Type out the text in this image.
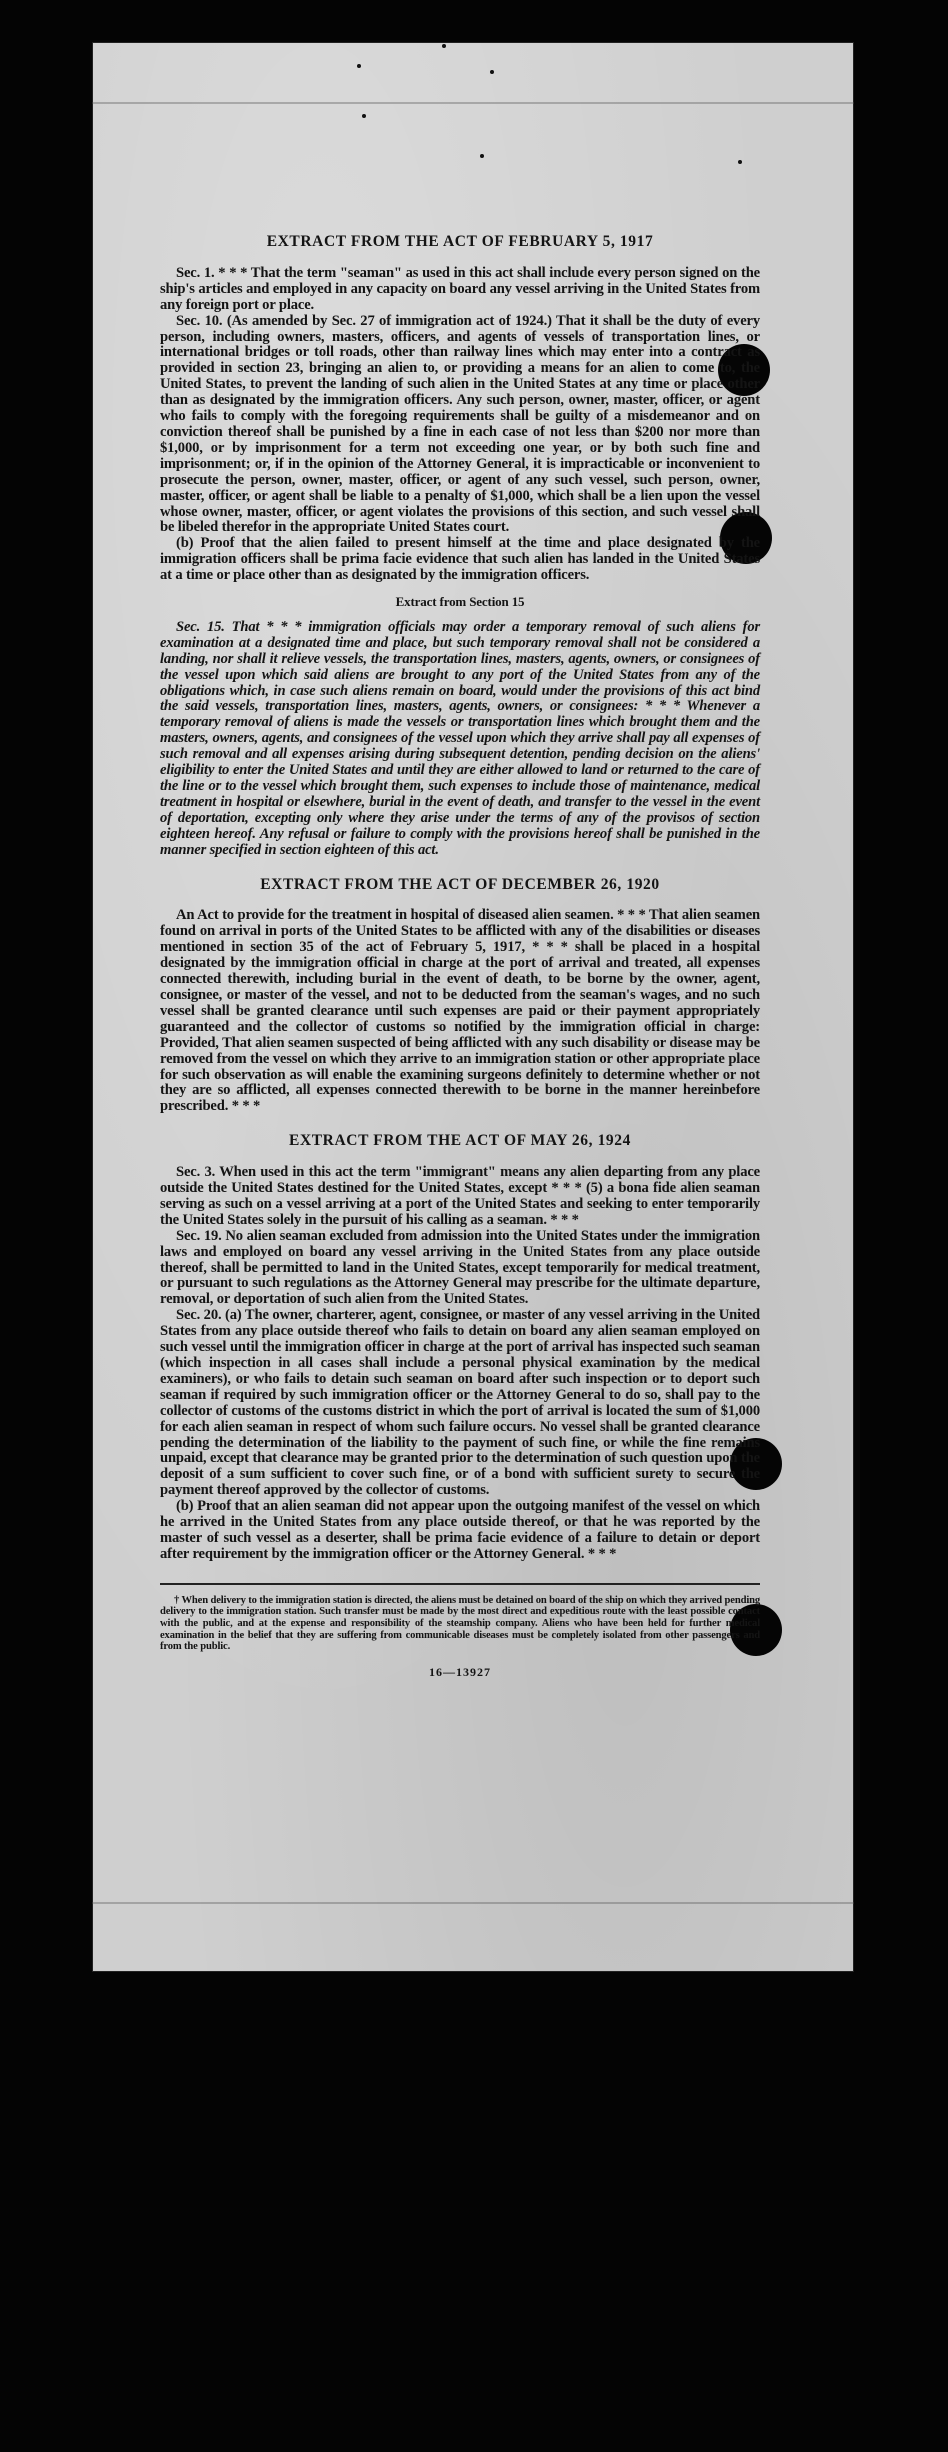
EXTRACT FROM THE ACT OF FEBRUARY 5, 1917

Sec. 1. * * * That the term "seaman" as used in this act shall include every person signed on the ship's articles and employed in any capacity on board any vessel arriving in the United States from any foreign port or place.

Sec. 10. (As amended by Sec. 27 of immigration act of 1924.) That it shall be the duty of every person, including owners, masters, officers, and agents of vessels of transportation lines, or international bridges or toll roads, other than railway lines which may enter into a contract as provided in section 23, bringing an alien to, or providing a means for an alien to come to, the United States, to prevent the landing of such alien in the United States at any time or place other than as designated by the immigration officers. Any such person, owner, master, officer, or agent who fails to comply with the foregoing requirements shall be guilty of a misdemeanor and on conviction thereof shall be punished by a fine in each case of not less than $200 nor more than $1,000, or by imprisonment for a term not exceeding one year, or by both such fine and imprisonment; or, if in the opinion of the Attorney General, it is impracticable or inconvenient to prosecute the person, owner, master, officer, or agent of any such vessel, such person, owner, master, officer, or agent shall be liable to a penalty of $1,000, which shall be a lien upon the vessel whose owner, master, officer, or agent violates the provisions of this section, and such vessel shall be libeled therefor in the appropriate United States court.

(b) Proof that the alien failed to present himself at the time and place designated by the immigration officers shall be prima facie evidence that such alien has landed in the United States at a time or place other than as designated by the immigration officers.

Extract from Section 15

Sec. 15. That * * * immigration officials may order a temporary removal of such aliens for examination at a designated time and place, but such temporary removal shall not be considered a landing, nor shall it relieve vessels, the transportation lines, masters, agents, owners, or consignees of the vessel upon which said aliens are brought to any port of the United States from any of the obligations which, in case such aliens remain on board, would under the provisions of this act bind the said vessels, transportation lines, masters, agents, owners, or consignees: * * * Whenever a temporary removal of aliens is made the vessels or transportation lines which brought them and the masters, owners, agents, and consignees of the vessel upon which they arrive shall pay all expenses of such removal and all expenses arising during subsequent detention, pending decision on the aliens' eligibility to enter the United States and until they are either allowed to land or returned to the care of the line or to the vessel which brought them, such expenses to include those of maintenance, medical treatment in hospital or elsewhere, burial in the event of death, and transfer to the vessel in the event of deportation, excepting only where they arise under the terms of any of the provisos of section eighteen hereof. Any refusal or failure to comply with the provisions hereof shall be punished in the manner specified in section eighteen of this act.

EXTRACT FROM THE ACT OF DECEMBER 26, 1920

An Act to provide for the treatment in hospital of diseased alien seamen. * * * That alien seamen found on arrival in ports of the United States to be afflicted with any of the disabilities or diseases mentioned in section 35 of the act of February 5, 1917, * * * shall be placed in a hospital designated by the immigration official in charge at the port of arrival and treated, all expenses connected therewith, including burial in the event of death, to be borne by the owner, agent, consignee, or master of the vessel, and not to be deducted from the seaman's wages, and no such vessel shall be granted clearance until such expenses are paid or their payment appropriately guaranteed and the collector of customs so notified by the immigration official in charge: Provided, That alien seamen suspected of being afflicted with any such disability or disease may be removed from the vessel on which they arrive to an immigration station or other appropriate place for such observation as will enable the examining surgeons definitely to determine whether or not they are so afflicted, all expenses connected therewith to be borne in the manner hereinbefore prescribed. * * *

EXTRACT FROM THE ACT OF MAY 26, 1924

Sec. 3. When used in this act the term "immigrant" means any alien departing from any place outside the United States destined for the United States, except * * * (5) a bona fide alien seaman serving as such on a vessel arriving at a port of the United States and seeking to enter temporarily the United States solely in the pursuit of his calling as a seaman. * * *

Sec. 19. No alien seaman excluded from admission into the United States under the immigration laws and employed on board any vessel arriving in the United States from any place outside thereof, shall be permitted to land in the United States, except temporarily for medical treatment, or pursuant to such regulations as the Attorney General may prescribe for the ultimate departure, removal, or deportation of such alien from the United States.

Sec. 20. (a) The owner, charterer, agent, consignee, or master of any vessel arriving in the United States from any place outside thereof who fails to detain on board any alien seaman employed on such vessel until the immigration officer in charge at the port of arrival has inspected such seaman (which inspection in all cases shall include a personal physical examination by the medical examiners), or who fails to detain such seaman on board after such inspection or to deport such seaman if required by such immigration officer or the Attorney General to do so, shall pay to the collector of customs of the customs district in which the port of arrival is located the sum of $1,000 for each alien seaman in respect of whom such failure occurs. No vessel shall be granted clearance pending the determination of the liability to the payment of such fine, or while the fine remains unpaid, except that clearance may be granted prior to the determination of such question upon the deposit of a sum sufficient to cover such fine, or of a bond with sufficient surety to secure the payment thereof approved by the collector of customs.

(b) Proof that an alien seaman did not appear upon the outgoing manifest of the vessel on which he arrived in the United States from any place outside thereof, or that he was reported by the master of such vessel as a deserter, shall be prima facie evidence of a failure to detain or deport after requirement by the immigration officer or the Attorney General. * * *

† When delivery to the immigration station is directed, the aliens must be detained on board of the ship on which they arrived pending delivery to the immigration station. Such transfer must be made by the most direct and expeditious route with the least possible contact with the public, and at the expense and responsibility of the steamship company. Aliens who have been held for further medical examination in the belief that they are suffering from communicable diseases must be completely isolated from other passengers and from the public.

16—13927
